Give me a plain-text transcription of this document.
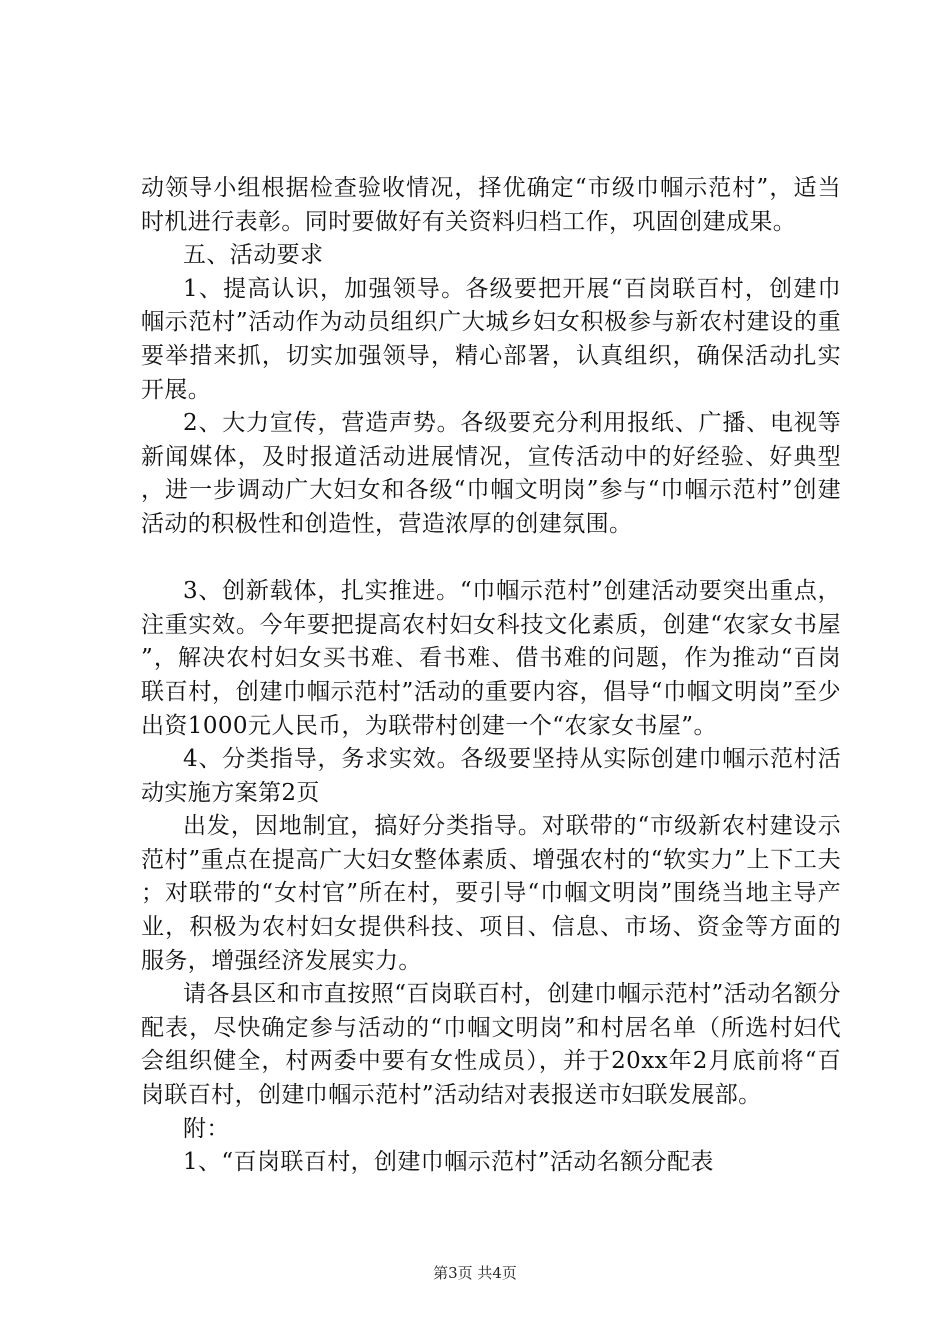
动领导小组根据检查验收情况，择优确定“市级巾帼示范村”，适当时机进行表彰。同时要做好有关资料归档工作，巩固创建成果。

五、活动要求

1、提高认识，加强领导。各级要把开展“百岗联百村，创建巾帼示范村”活动作为动员组织广大城乡妇女积极参与新农村建设的重要举措来抓，切实加强领导，精心部署，认真组织，确保活动扎实开展。

2、大力宣传，营造声势。各级要充分利用报纸、广播、电视等新闻媒体，及时报道活动进展情况，宣传活动中的好经验、好典型，进一步调动广大妇女和各级“巾帼文明岗”参与“巾帼示范村”创建活动的积极性和创造性，营造浓厚的创建氛围。

3、创新载体，扎实推进。“巾帼示范村”创建活动要突出重点，注重实效。今年要把提高农村妇女科技文化素质，创建“农家女书屋”，解决农村妇女买书难、看书难、借书难的问题，作为推动“百岗联百村，创建巾帼示范村”活动的重要内容，倡导“巾帼文明岗”至少出资1000元人民币，为联带村创建一个“农家女书屋”。

4、分类指导，务求实效。各级要坚持从实际创建巾帼示范村活动实施方案第2页

出发，因地制宜，搞好分类指导。对联带的“市级新农村建设示范村”重点在提高广大妇女整体素质、增强农村的“软实力”上下工夫；对联带的“女村官”所在村，要引导“巾帼文明岗”围绕当地主导产业，积极为农村妇女提供科技、项目、信息、市场、资金等方面的服务，增强经济发展实力。

请各县区和市直按照“百岗联百村，创建巾帼示范村”活动名额分配表，尽快确定参与活动的“巾帼文明岗”和村居名单（所选村妇代会组织健全，村两委中要有女性成员），并于20xx年2月底前将“百岗联百村，创建巾帼示范村”活动结对表报送市妇联发展部。

附：

1、“百岗联百村，创建巾帼示范村”活动名额分配表

第3页 共4页
